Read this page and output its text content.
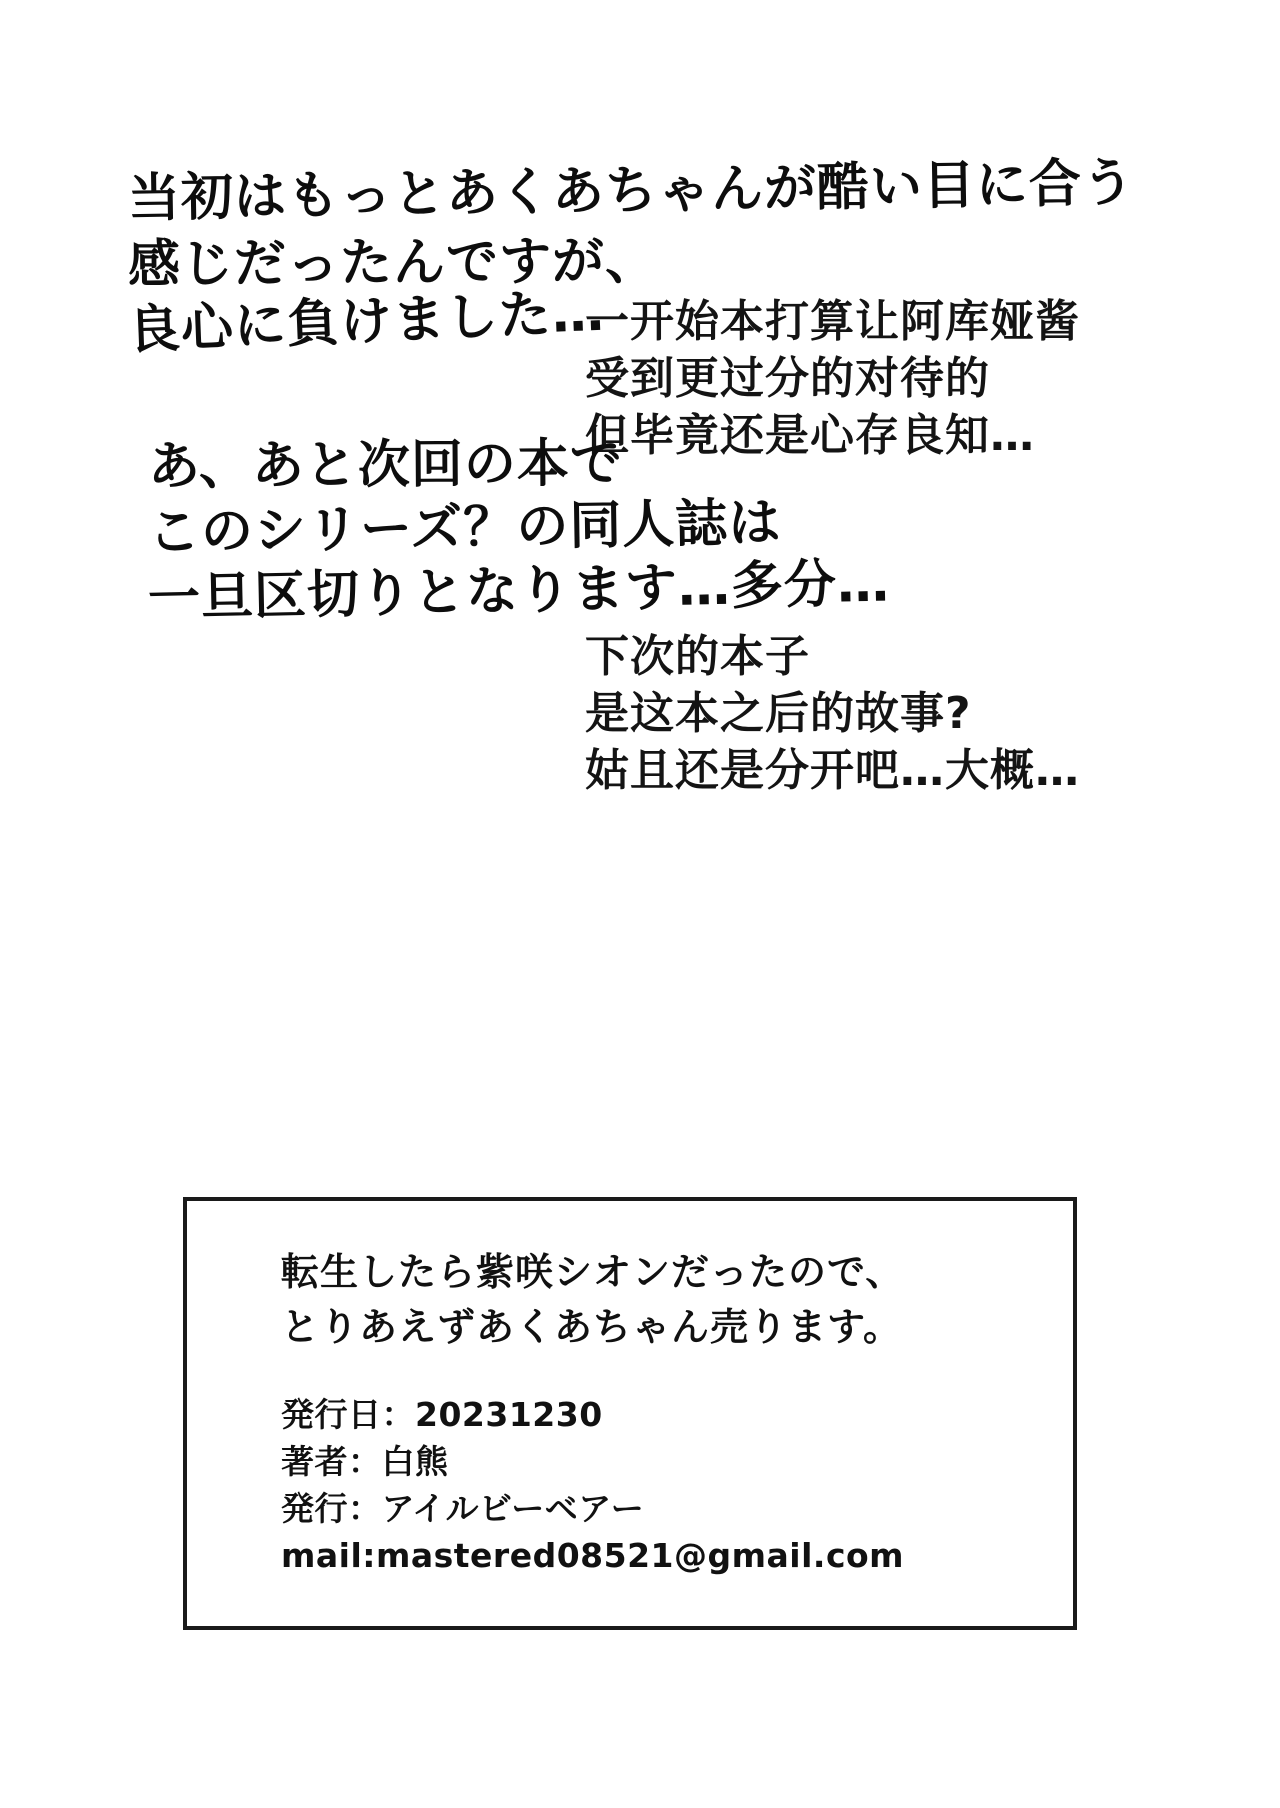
当初はもっとあくあちゃんが酷い目に合う
感じだったんですが、
良心に負けました…
一开始本打算让阿库娅酱
受到更过分的对待的
但毕竟还是心存良知…
あ、あと次回の本で
このシリーズ？の同人誌は
一旦区切りとなります…多分…
下次的本子
是这本之后的故事?
姑且还是分开吧…大概…
転生したら紫咲シオンだったので、
とりあえずあくあちゃん売ります。
発行日：20231230
著者：白熊
発行：アイルビーベアー
mail:mastered08521@gmail.com
